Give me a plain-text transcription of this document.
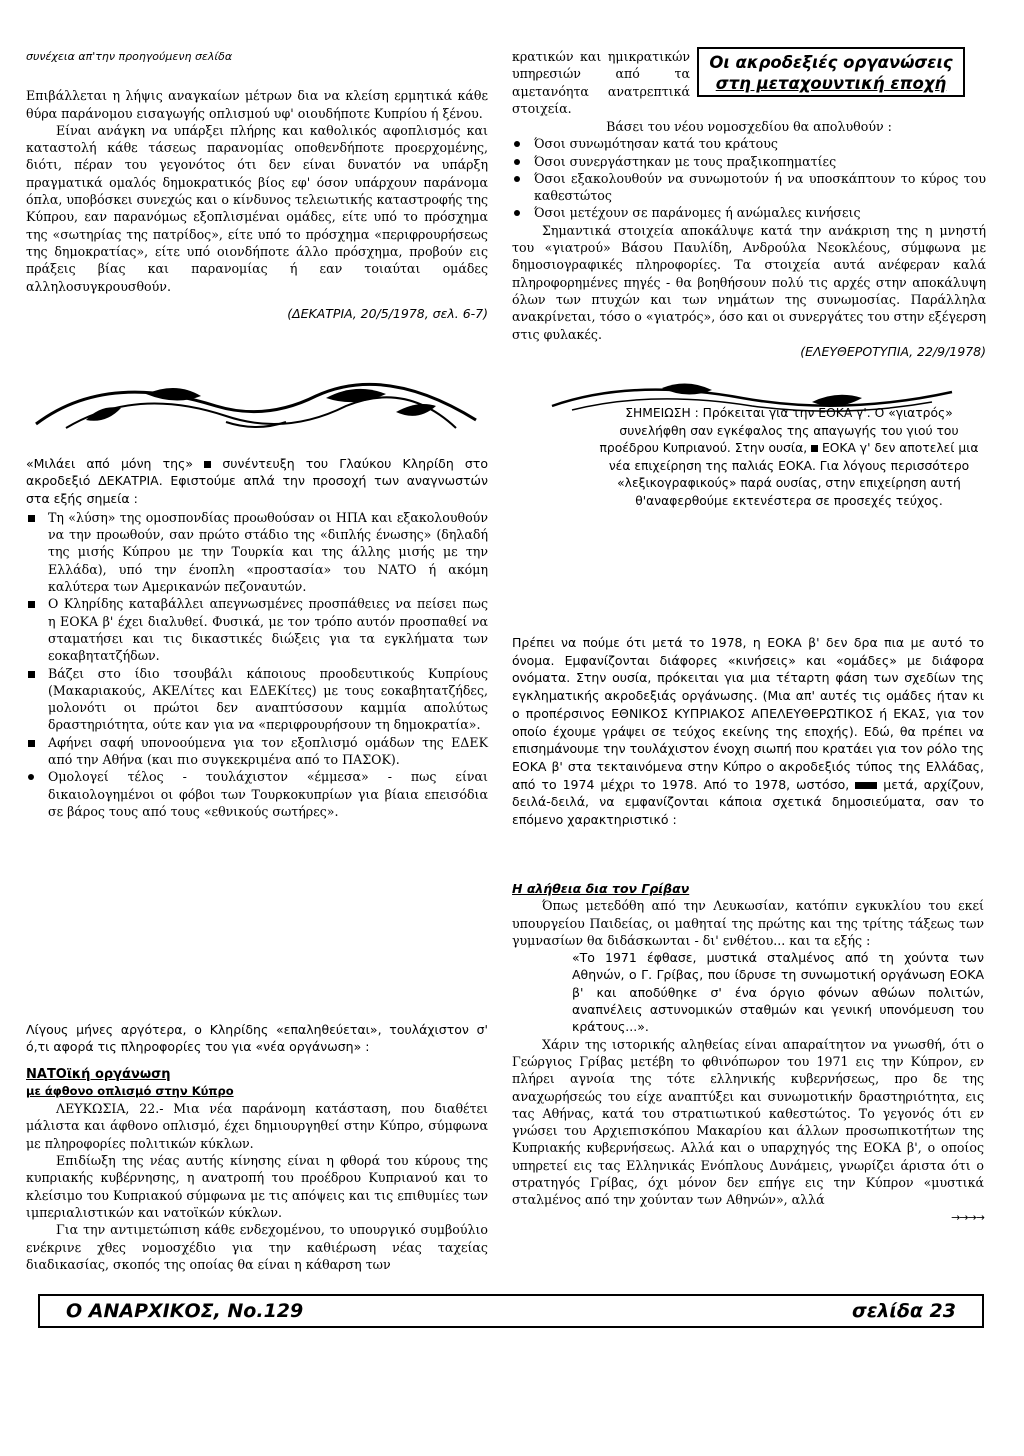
συνέχεια απ'την προηγούμενη σελίδα

Επιβάλλεται η λήψις αναγκαίων μέτρων δια να κλείση ερμητικά κάθε θύρα παράνομου εισαγωγής οπλισμού υφ' οιουδήποτε Κυπρίου ή ξένου.

Είναι ανάγκη να υπάρξει πλήρης και καθολικός αφοπλισμός και καταστολή κάθε τάσεως παρανομίας οποθενδήποτε προερχομένης, διότι, πέραν του γεγονότος ότι δεν είναι δυνατόν να υπάρξη πραγματικά ομαλός δημοκρατικός βίος εφ' όσον υπάρχουν παράνομα όπλα, υποβόσκει συνεχώς και ο κίνδυνος τελειωτικής καταστροφής της Κύπρου, εαν παρανόμως εξοπλισμέναι ομάδες, είτε υπό το πρόσχημα της «σωτηρίας της πατρίδος», είτε υπό το πρόσχημα «περιφρουρήσεως της δημοκρατίας», είτε υπό οιονδήποτε άλλο πρόσχημα, προβούν εις πράξεις βίας και παρανομίας ή εαν τοιαύται ομάδες αλληλοσυγκρουσθούν.

(ΔΕΚΑΤΡΙΑ, 20/5/1978, σελ. 6-7)

«Μιλάει από μόνη της» συνέντευξη του Γλαύκου Κληρίδη στο ακροδεξιό ΔΕΚΑΤΡΙΑ. Εφιστούμε απλά την προσοχή των αναγνωστών στα εξής σημεία :

Τη «λύση» της ομοσπονδίας προωθούσαν οι ΗΠΑ και εξακολουθούν να την προωθούν, σαν πρώτο στάδιο της «διπλής ένωσης» (δηλαδή της μισής Κύπρου με την Τουρκία και της άλλης μισής με την Ελλάδα), υπό την ένοπλη «προστασία» του ΝΑΤΟ ή ακόμη καλύτερα των Αμερικανών πεζοναυτών.
Ο Κληρίδης καταβάλλει απεγνωσμένες προσπάθειες να πείσει πως η ΕΟΚΑ β' έχει διαλυθεί. Φυσικά, με τον τρόπο αυτόν προσπαθεί να σταματήσει και τις δικαστικές διώξεις για τα εγκλήματα των εοκαβητατζήδων.
Βάζει στο ίδιο τσουβάλι κάποιους προοδευτικούς Κυπρίους (Μακαριακούς, ΑΚΕΛίτες και ΕΔΕΚίτες) με τους εοκαβητατζήδες, μολονότι οι πρώτοι δεν αναπτύσσουν καμμία απολύτως δραστηριότητα, ούτε καν για να «περιφρουρήσουν τη δημοκρατία».
Αφήνει σαφή υπονοούμενα για τον εξοπλισμό ομάδων της ΕΔΕΚ από την Αθήνα (και πιο συγκεκριμένα από το ΠΑΣΟΚ).
Ομολογεί τέλος - τουλάχιστον «έμμεσα» - πως είναι δικαιολογημένοι οι φόβοι των Τουρκοκυπρίων για βίαια επεισόδια σε βάρος τους από τους «εθνικούς σωτήρες».

Λίγους μήνες αργότερα, ο Κληρίδης «επαληθεύεται», τουλάχιστον σ' ό,τι αφορά τις πληροφορίες του για «νέα οργάνωση» :

ΝΑΤΟϊκή οργάνωση

με άφθονο οπλισμό στην Κύπρο

ΛΕΥΚΩΣΙΑ, 22.- Μια νέα παράνομη κατάσταση, που διαθέτει μάλιστα και άφθονο οπλισμό, έχει δημιουργηθεί στην Κύπρο, σύμφωνα με πληροφορίες πολιτικών κύκλων.

Επιδίωξη της νέας αυτής κίνησης είναι η φθορά του κύρους της κυπριακής κυβέρνησης, η ανατροπή του προέδρου Κυπριανού και το κλείσιμο του Κυπριακού σύμφωνα με τις απόψεις και τις επιθυμίες των ιμπεριαλιστικών και νατοϊκών κύκλων.

Για την αντιμετώπιση κάθε ενδεχομένου, το υπουργικό συμβούλιο ενέκρινε χθες νομοσχέδιο για την καθιέρωση νέας ταχείας διαδικασίας, σκοπός της οποίας θα είναι η κάθαρση των

κρατικών και ημικρατικών υπηρεσιών από τα αμετανόητα ανατρεπτικά στοιχεία.

Οι ακροδεξιές οργανώσεις
στη μεταχουντική εποχή

Βάσει του νέου νομοσχεδίου θα απολυθούν :

Όσοι συνωμότησαν κατά του κράτους
Όσοι συνεργάστηκαν με τους πραξικοπηματίες
Όσοι εξακολουθούν να συνωμοτούν ή να υποσκάπτουν το κύρος του καθεστώτος
Όσοι μετέχουν σε παράνομες ή ανώμαλες κινήσεις

Σημαντικά στοιχεία αποκάλυψε κατά την ανάκριση της η μνηστή του «γιατρού» Βάσου Παυλίδη, Ανδρούλα Νεοκλέους, σύμφωνα με δημοσιογραφικές πληροφορίες. Τα στοιχεία αυτά ανέφεραν καλά πληροφορημένες πηγές - θα βοηθήσουν πολύ τις αρχές στην αποκάλυψη όλων των πτυχών και των νημάτων της συνωμοσίας. Παράλληλα ανακρίνεται, τόσο ο «γιατρός», όσο και οι συνεργάτες του στην εξέγερση στις φυλακές.

(ΕΛΕΥΘΕΡΟΤΥΠΙΑ, 22/9/1978)

ΣΗΜΕΙΩΣΗ : Πρόκειται για την ΕΟΚΑ γ'. Ο «γιατρός» συνελήφθη σαν εγκέφαλος της απαγωγής του γιού του προέδρου Κυπριανού. Στην ουσία, ΕΟΚΑ γ' δεν αποτελεί μια νέα επιχείρηση της παλιάς ΕΟΚΑ. Για λόγους περισσότερο «λεξικογραφικούς» παρά ουσίας, στην επιχείρηση αυτή θ'αναφερθούμε εκτενέστερα σε προσεχές τεύχος.

Πρέπει να πούμε ότι μετά το 1978, η ΕΟΚΑ β' δεν δρα πια με αυτό το όνομα. Εμφανίζονται διάφορες «κινήσεις» και «ομάδες» με διάφορα ονόματα. Στην ουσία, πρόκειται για μια τέταρτη φάση των σχεδίων της εγκληματικής ακροδεξιάς οργάνωσης. (Μια απ' αυτές τις ομάδες ήταν κι ο προπέρσινος ΕΘΝΙΚΟΣ ΚΥΠΡΙΑΚΟΣ ΑΠΕΛΕΥΘΕΡΩΤΙΚΟΣ ή ΕΚΑΣ, για τον οποίο έχουμε γράψει σε τεύχος εκείνης της εποχής). Εδώ, θα πρέπει να επισημάνουμε την τουλάχιστον ένοχη σιωπή που κρατάει για τον ρόλο της ΕΟΚΑ β' στα τεκταινόμενα στην Κύπρο ο ακροδεξιός τύπος της Ελλάδας, από το 1974 μέχρι το 1978. Από το 1978, ωστόσο,	μετά, αρχίζουν, δειλά-δειλά, να εμφανίζονται κάποια σχετικά δημοσιεύματα, σαν το επόμενο χαρακτηριστικό :

Η αλήθεια δια τον Γρίβαν

Όπως μετεδόθη από την Λευκωσίαν, κατόπιν εγκυκλίου του εκεί υπουργείου Παιδείας, οι μαθηταί της πρώτης και της τρίτης τάξεως των γυμνασίων θα διδάσκωνται - δι' ενθέτου... και τα εξής :

«Το 1971 έφθασε, μυστικά σταλμένος από τη χούντα των Αθηνών, ο Γ. Γρίβας, που ίδρυσε τη συνωμοτική οργάνωση ΕΟΚΑ β' και αποδύθηκε σ' ένα όργιο φόνων αθώων πολιτών, αναπνέλεις αστυνομικών σταθμών και γενική υπονόμευση του κράτους...».

Χάριν της ιστορικής αληθείας είναι απαραίτητον να γνωσθή, ότι ο Γεώργιος Γρίβας μετέβη το φθινόπωρον του 1971 εις την Κύπρον, εν πλήρει αγνοία της τότε ελληνικής κυβερνήσεως, προ δε της αναχωρήσεώς του είχε αναπτύξει και συνωμοτικήν δραστηριότητα, εις τας Αθήνας, κατά του στρατιωτικού καθεστώτος. Το γεγονός ότι εν γνώσει του Αρχιεπισκόπου Μακαρίου και άλλων προσωπικοτήτων της Κυπριακής κυβερνήσεως. Αλλά και ο υπαρχηγός της ΕΟΚΑ β', ο οποίος υπηρετεί εις τας Ελληνικάς Ενόπλους Δυνάμεις, γνωρίζει άριστα ότι ο στρατηγός Γρίβας, όχι μόνον δεν επήγε εις την Κύπρον «μυστικά σταλμένος από την χούνταν των Αθηνών», αλλά

→→→→

Ο ΑΝΑΡΧΙΚΟΣ, Νο.129	σελίδα 23
